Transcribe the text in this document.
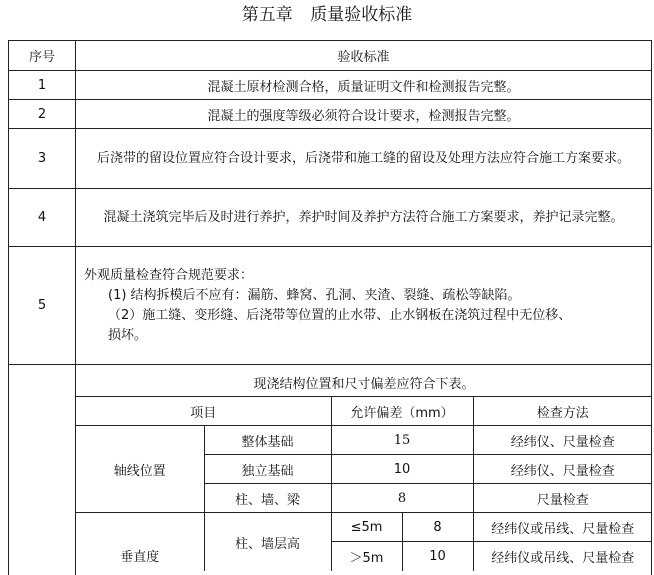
第五章 质量验收标准
序号	验收标准
1	混凝土原材检测合格，质量证明文件和检测报告完整。
2	混凝土的强度等级必须符合设计要求，检测报告完整。
3	后浇带的留设位置应符合设计要求，后浇带和施工缝的留设及处理方法应符合施工方案要求。
4	混凝土浇筑完毕后及时进行养护，养护时间及养护方法符合施工方案要求，养护记录完整。
5	
外观质量检查符合规范要求：
(1) 结构拆模后不应有：漏筋、蜂窝、孔洞、夹渣、裂缝、疏松等缺陷。
（2）施工缝、变形缝、后浇带等位置的止水带、止水钢板在浇筑过程中无位移、
损坏。

现浇结构位置和尺寸偏差应符合下表。
项目	允许偏差（mm）	检查方法
轴线位置	整体基础	15	经纬仪、尺量检查
独立基础	10	经纬仪、尺量检查
柱、墙、梁	8	尺量检查
垂直度	柱、墙层高	≤5m	8	经纬仪或吊线、尺量检查
＞5m	10	经纬仪或吊线、尺量检查
